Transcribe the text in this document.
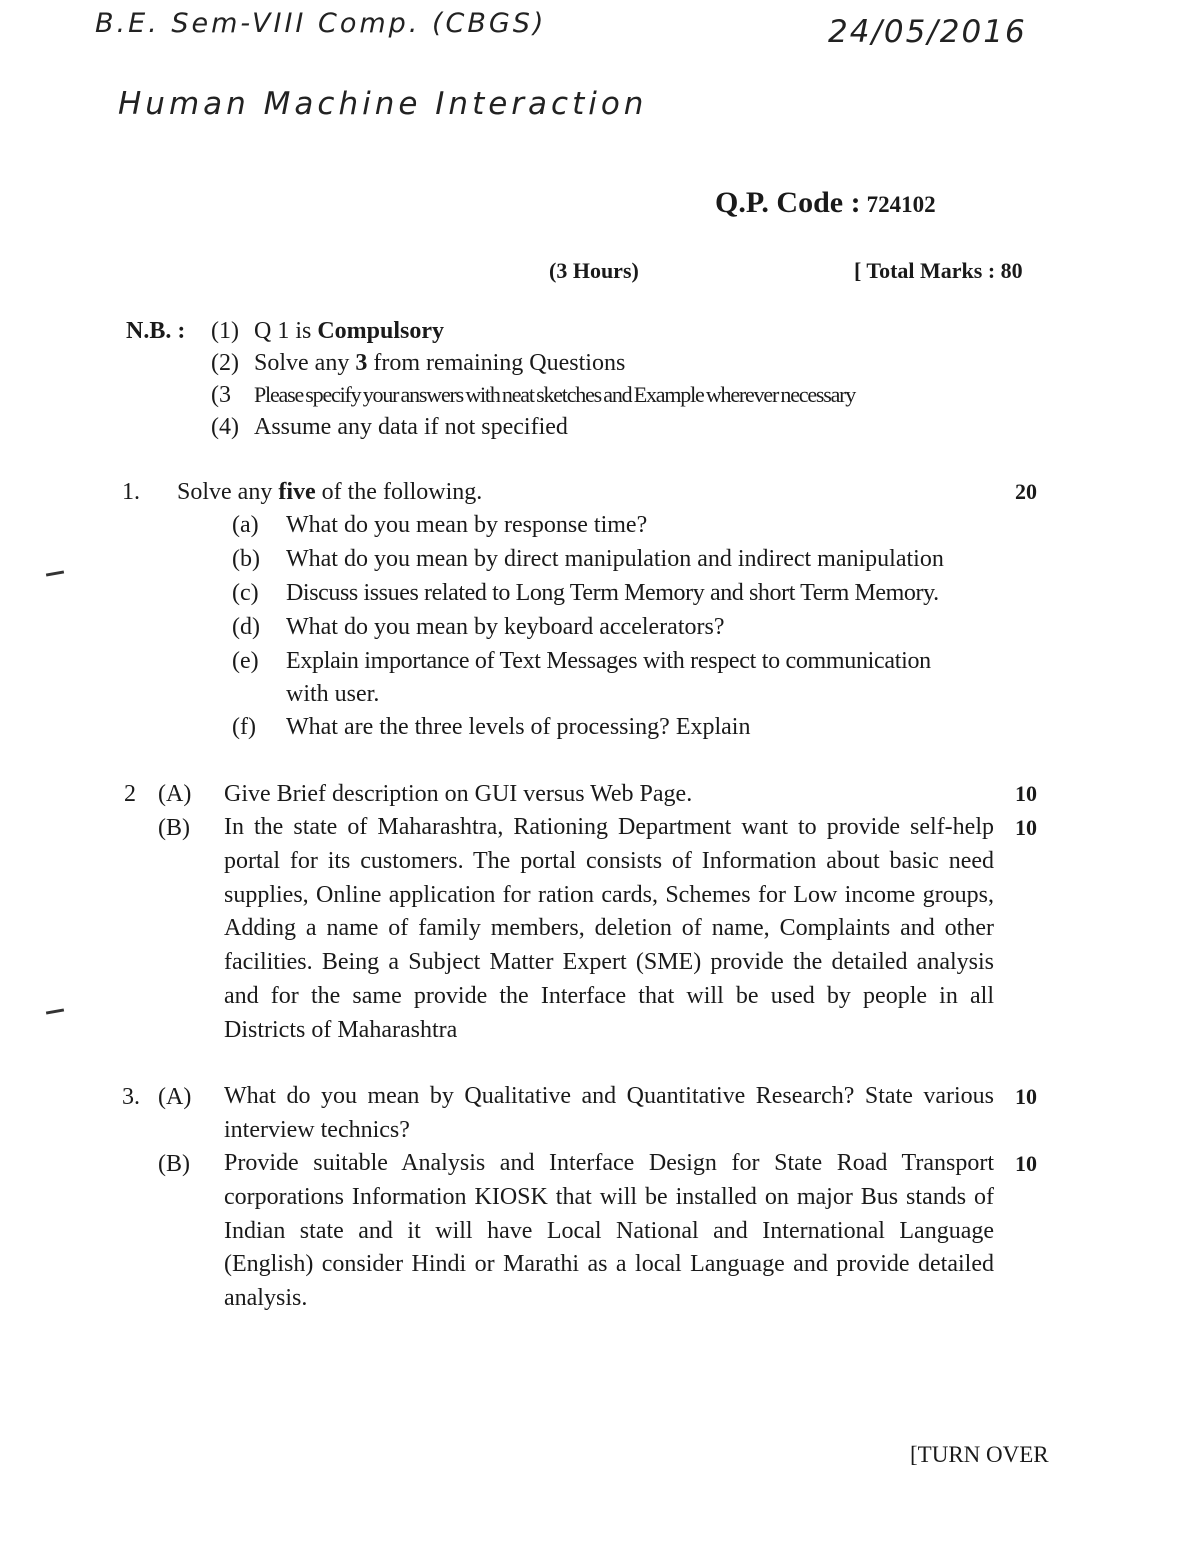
B.E. Sem-VIII Comp. (CBGS)	24/05/2016
Human Machine Interaction
Q.P. Code : 724102
(3 Hours)	[ Total Marks : 80
N.B. : (1) Q 1 is Compulsory
(2) Solve any 3 from remaining Questions
(3 Please specify your answers with neat sketches and Example wherever necessary
(4) Assume any data if not specified
1. Solve any five of the following.	20
(a) What do you mean by response time?
(b) What do you mean by direct manipulation and indirect manipulation
(c) Discuss issues related to Long Term Memory and short Term Memory.
(d) What do you mean by keyboard accelerators?
(e) Explain importance of Text Messages with respect to communication
with user.
(f) What are the three levels of processing? Explain
2 (A) Give Brief description on GUI versus Web Page.	10
(B) In the state of Maharashtra, Rationing Department want to provide self-help portal for its customers. The portal consists of Information about basic need supplies, Online application for ration cards, Schemes for Low income groups, Adding a name of family members, deletion of name, Complaints and other facilities. Being a Subject Matter Expert (SME) provide the detailed analysis and for the same provide the Interface that will be used by people in all Districts of Maharashtra
10
3. (A) What do you mean by Qualitative and Quantitative Research? State various interview technics?
10
(B) Provide suitable Analysis and Interface Design for State Road Transport corporations Information KIOSK that will be installed on major Bus stands of Indian state and it will have Local National and International Language (English) consider Hindi or Marathi as a local Language and provide detailed analysis.
10
[TURN OVER
